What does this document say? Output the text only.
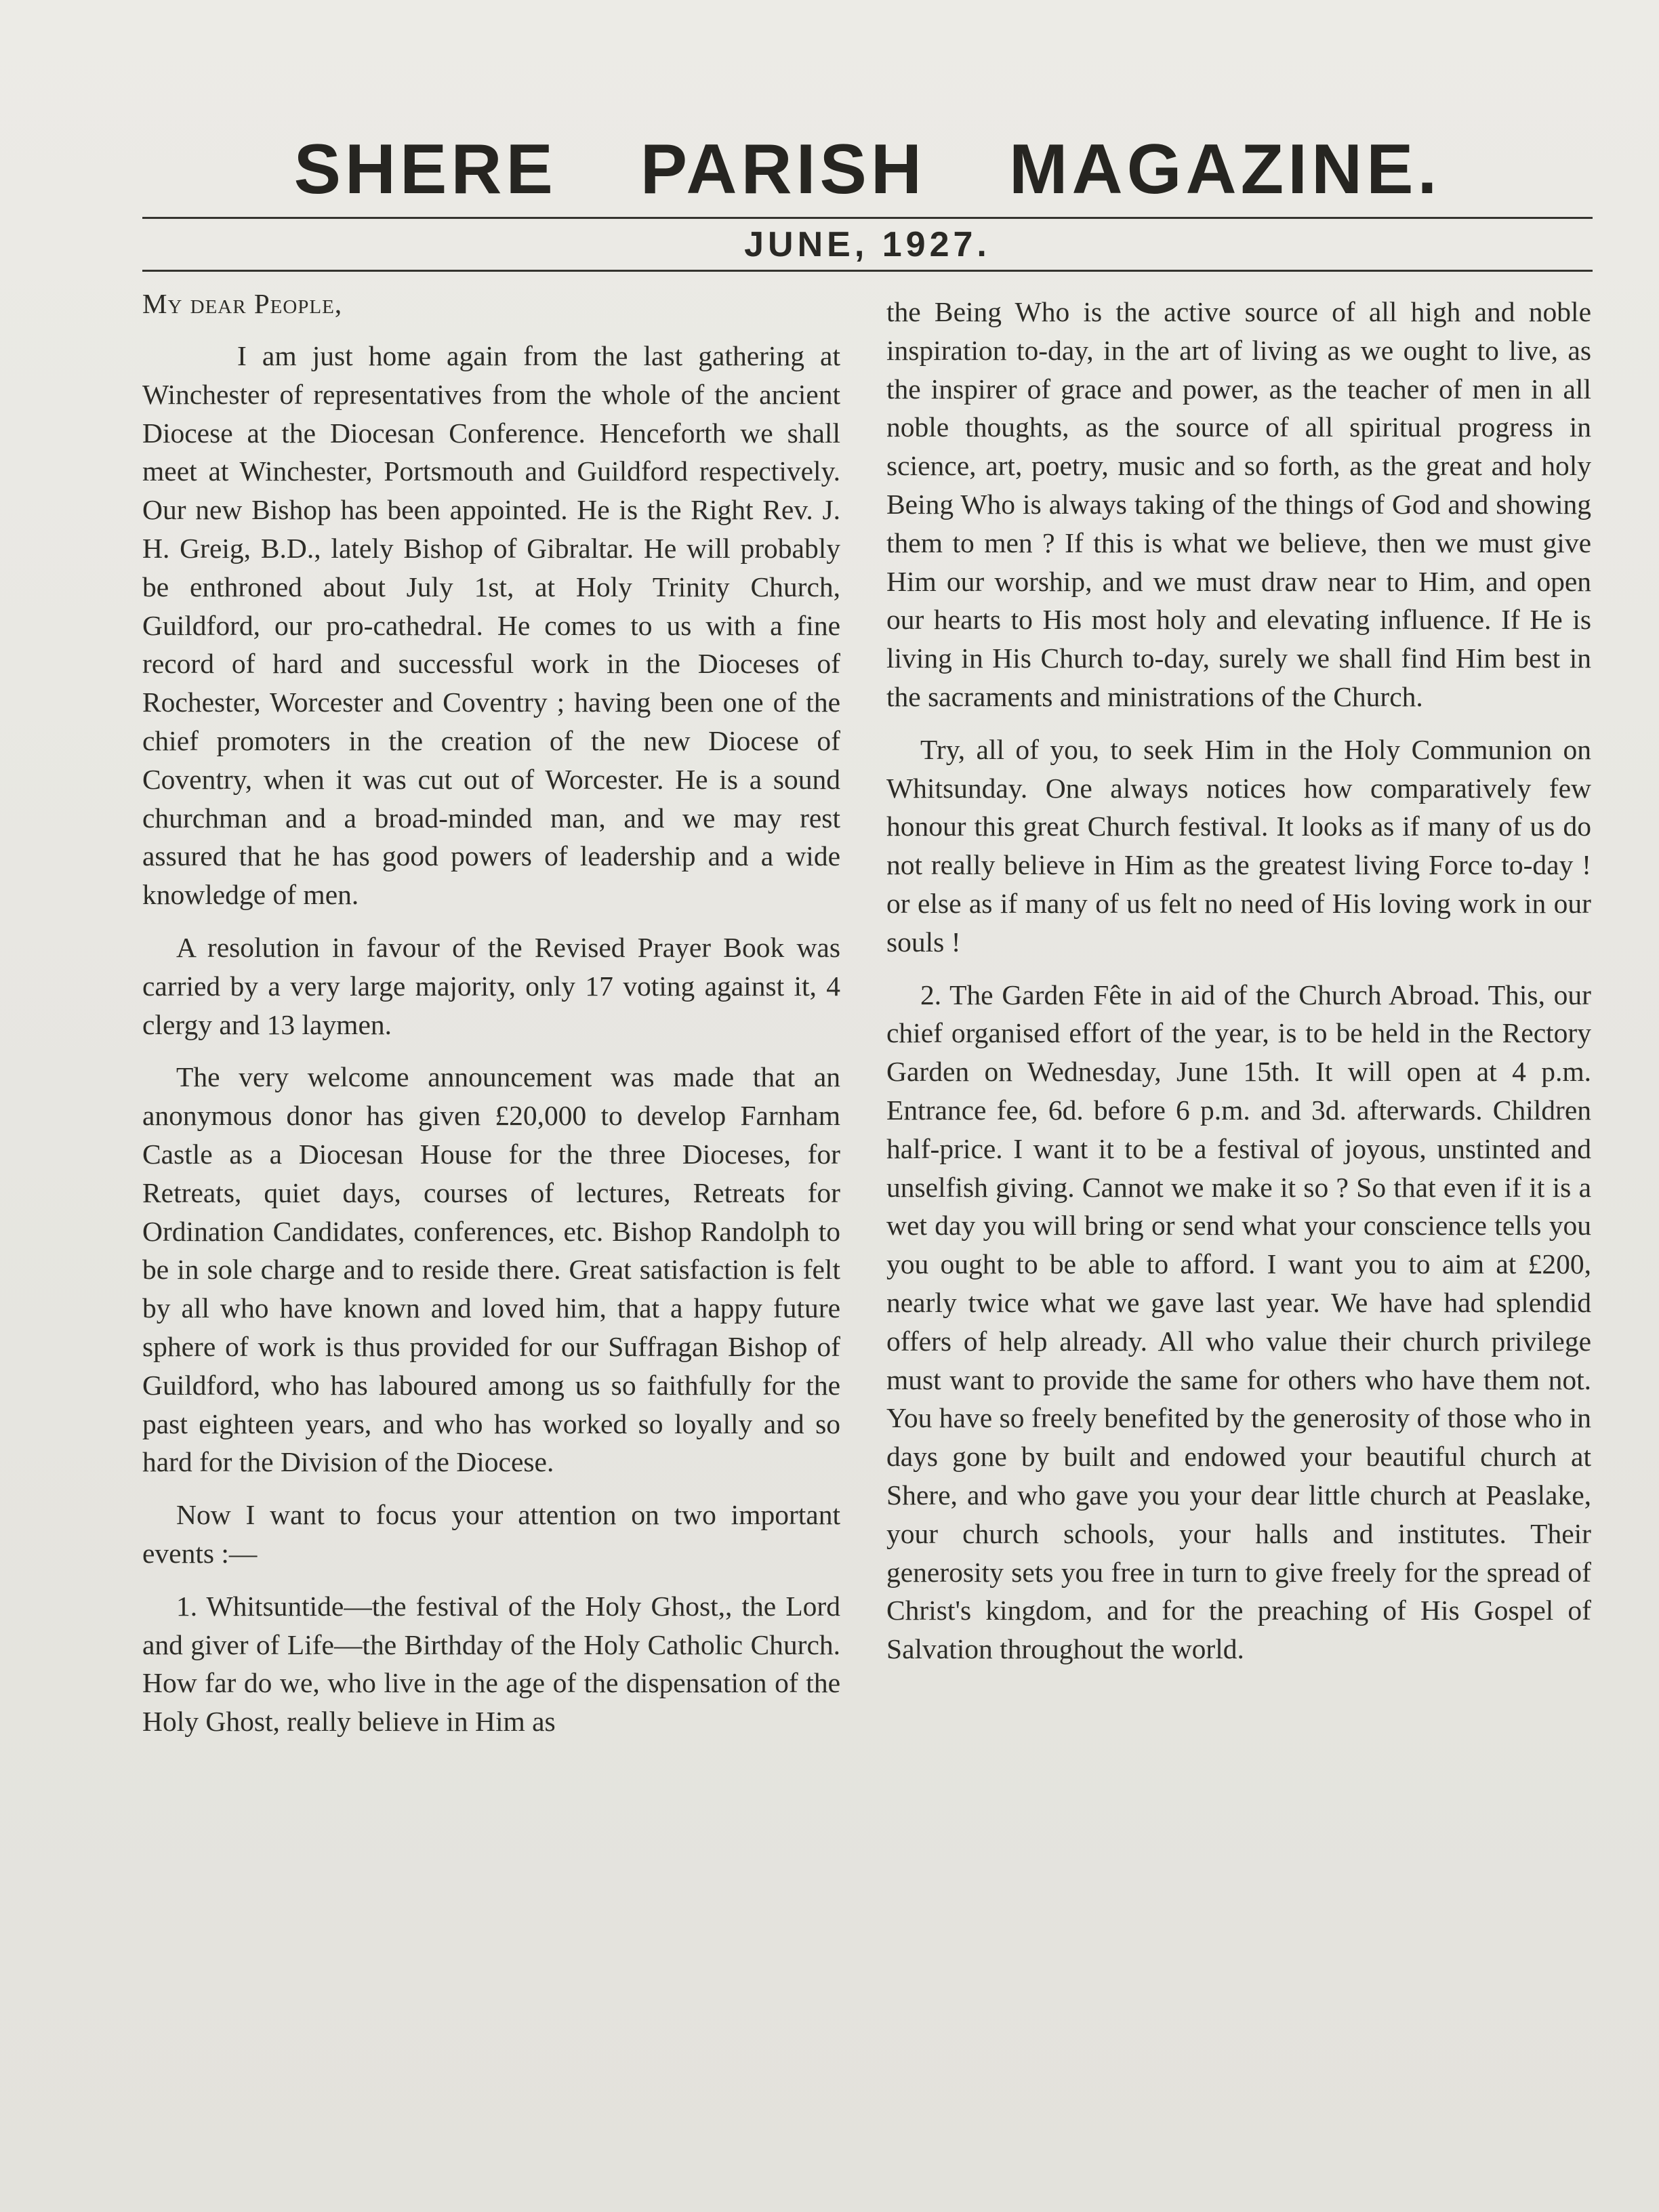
SHERE PARISH MAGAZINE.
JUNE, 1927.

My dear People,

I am just home again from the last gathering at Winchester of representatives from the whole of the ancient Diocese at the Diocesan Conference. Henceforth we shall meet at Winchester, Portsmouth and Guildford respectively. Our new Bishop has been appointed. He is the Right Rev. J. H. Greig, B.D., lately Bishop of Gibraltar. He will probably be enthroned about July 1st, at Holy Trinity Church, Guildford, our pro-cathedral. He comes to us with a fine record of hard and successful work in the Dioceses of Rochester, Worcester and Coventry ; having been one of the chief promoters in the creation of the new Diocese of Coventry, when it was cut out of Worcester. He is a sound churchman and a broad-minded man, and we may rest assured that he has good powers of leadership and a wide knowledge of men.

A resolution in favour of the Revised Prayer Book was carried by a very large majority, only 17 voting against it, 4 clergy and 13 laymen.

The very welcome announcement was made that an anonymous donor has given £20,000 to develop Farnham Castle as a Diocesan House for the three Dioceses, for Retreats, quiet days, courses of lectures, Retreats for Ordination Candidates, conferences, etc. Bishop Randolph to be in sole charge and to reside there. Great satisfaction is felt by all who have known and loved him, that a happy future sphere of work is thus provided for our Suffragan Bishop of Guildford, who has laboured among us so faithfully for the past eighteen years, and who has worked so loyally and so hard for the Division of the Diocese.

Now I want to focus your attention on two important events :—

1. Whitsuntide—the festival of the Holy Ghost,, the Lord and giver of Life—the Birthday of the Holy Catholic Church. How far do we, who live in the age of the dispensation of the Holy Ghost, really believe in Him as

the Being Who is the active source of all high and noble inspiration to-day, in the art of living as we ought to live, as the inspirer of grace and power, as the teacher of men in all noble thoughts, as the source of all spiritual progress in science, art, poetry, music and so forth, as the great and holy Being Who is always taking of the things of God and showing them to men ? If this is what we believe, then we must give Him our worship, and we must draw near to Him, and open our hearts to His most holy and elevating influence. If He is living in His Church to-day, surely we shall find Him best in the sacraments and ministrations of the Church.

Try, all of you, to seek Him in the Holy Communion on Whitsunday. One always notices how comparatively few honour this great Church festival. It looks as if many of us do not really believe in Him as the greatest living Force to-day ! or else as if many of us felt no need of His loving work in our souls !

2. The Garden Fête in aid of the Church Abroad. This, our chief organised effort of the year, is to be held in the Rectory Garden on Wednesday, June 15th. It will open at 4 p.m. Entrance fee, 6d. before 6 p.m. and 3d. afterwards. Children half-price. I want it to be a festival of joyous, unstinted and unselfish giving. Cannot we make it so ? So that even if it is a wet day you will bring or send what your conscience tells you you ought to be able to afford. I want you to aim at £200, nearly twice what we gave last year. We have had splendid offers of help already. All who value their church privilege must want to provide the same for others who have them not. You have so freely benefited by the generosity of those who in days gone by built and endowed your beautiful church at Shere, and who gave you your dear little church at Peaslake, your church schools, your halls and institutes. Their generosity sets you free in turn to give freely for the spread of Christ's kingdom, and for the preaching of His Gospel of Salvation throughout the world.
